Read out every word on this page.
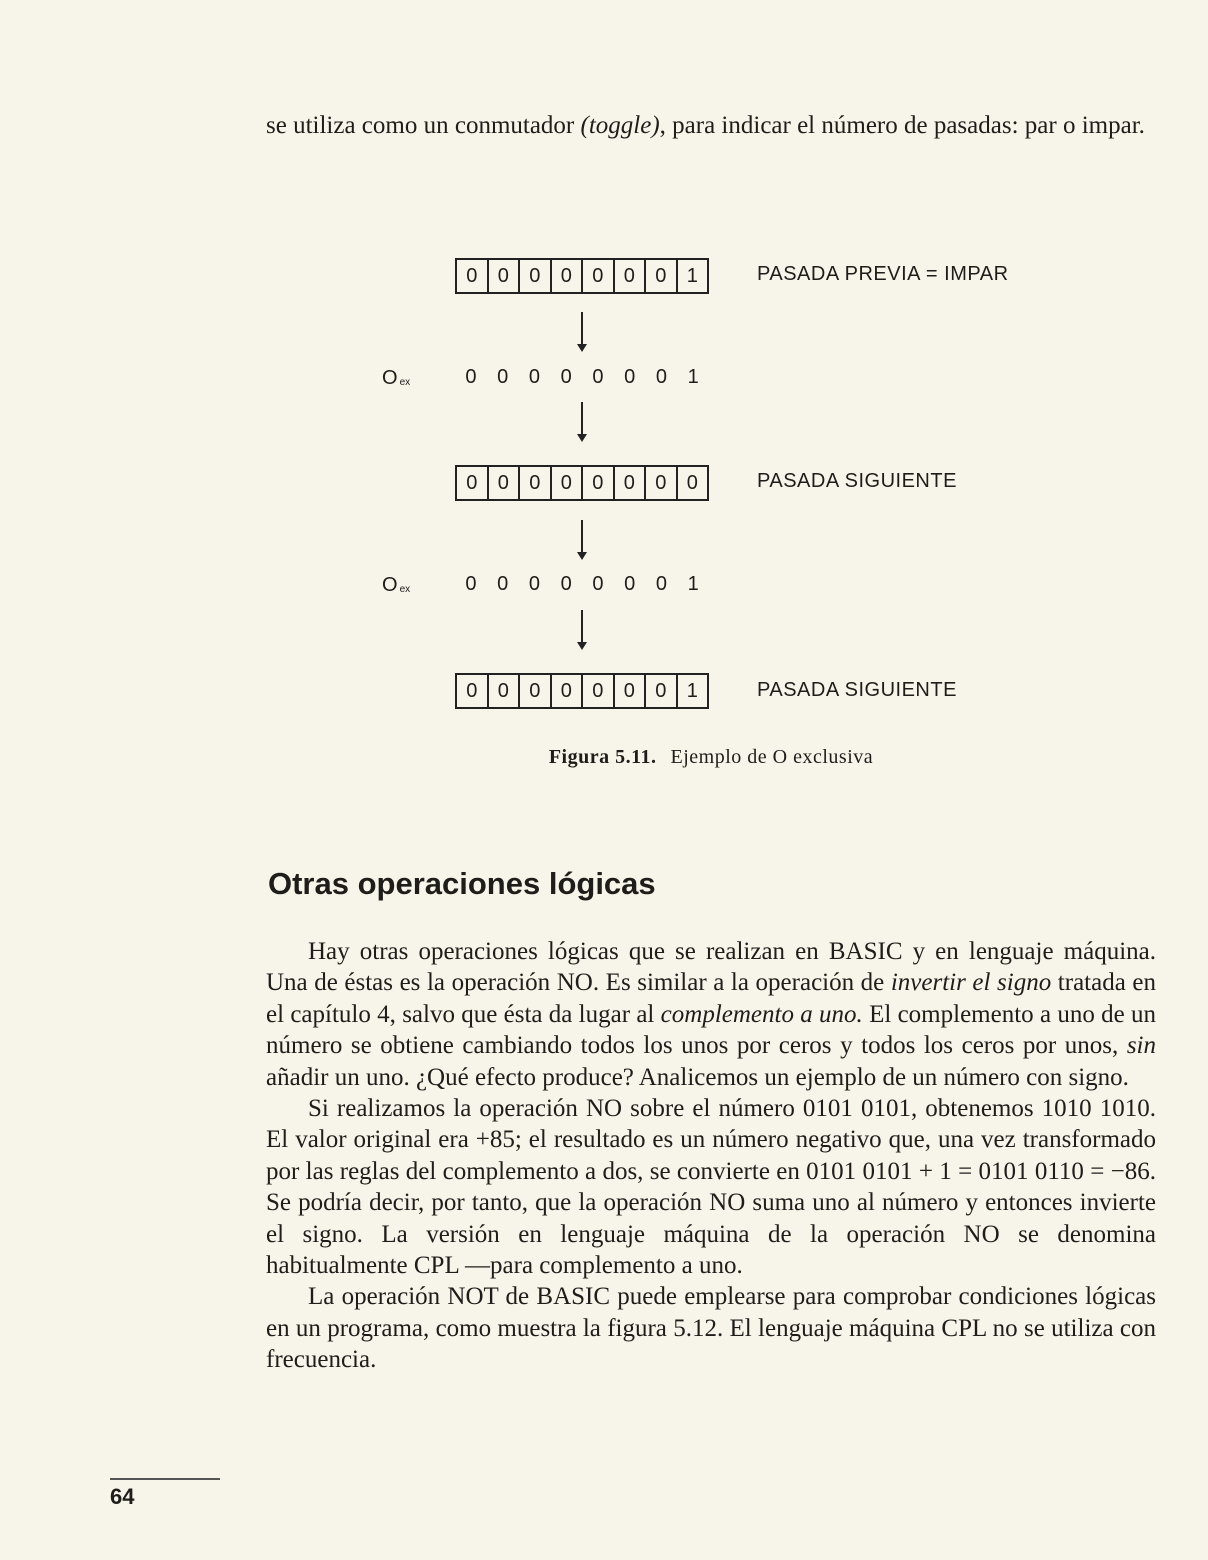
se utiliza como un conmutador (toggle), para indicar el número de pasadas: par o impar.

0	0	0	0	0	0	0	1	PASADA PREVIA = IMPAR
O $_{ex}$	0	0	0	0	0	0	0	1
0	0	0	0	0	0	0	0	PASADA SIGUIENTE
O $_{ex}$	0	0	0	0	0	0	0	1
0	0	0	0	0	0	0	1	PASADA SIGUIENTE
Figura 5.11. Ejemplo de O exclusiva
Otras operaciones lógicas

Hay otras operaciones lógicas que se realizan en BASIC y en lenguaje máquina. Una de éstas es la operación NO. Es similar a la operación de invertir el signo tratada en el capítulo 4, salvo que ésta da lugar al complemento a uno. El complemento a uno de un número se obtiene cambiando todos los unos por ceros y todos los ceros por unos, sin añadir un uno. ¿Qué efecto produce? Analicemos un ejemplo de un número con signo.

Si realizamos la operación NO sobre el número 0101 0101, obtenemos 1010 1010. El valor original era +85; el resultado es un número negativo que, una vez transformado por las reglas del complemento a dos, se convierte en 0101 0101 + 1 = 0101 0110 = −86. Se podría decir, por tanto, que la operación NO suma uno al número y entonces invierte el signo. La versión en lenguaje máquina de la operación NO se denomina habitualmente CPL —para complemento a uno.

La operación NOT de BASIC puede emplearse para comprobar condiciones lógicas en un programa, como muestra la figura 5.12. El lenguaje máquina CPL no se utiliza con frecuencia.

64
